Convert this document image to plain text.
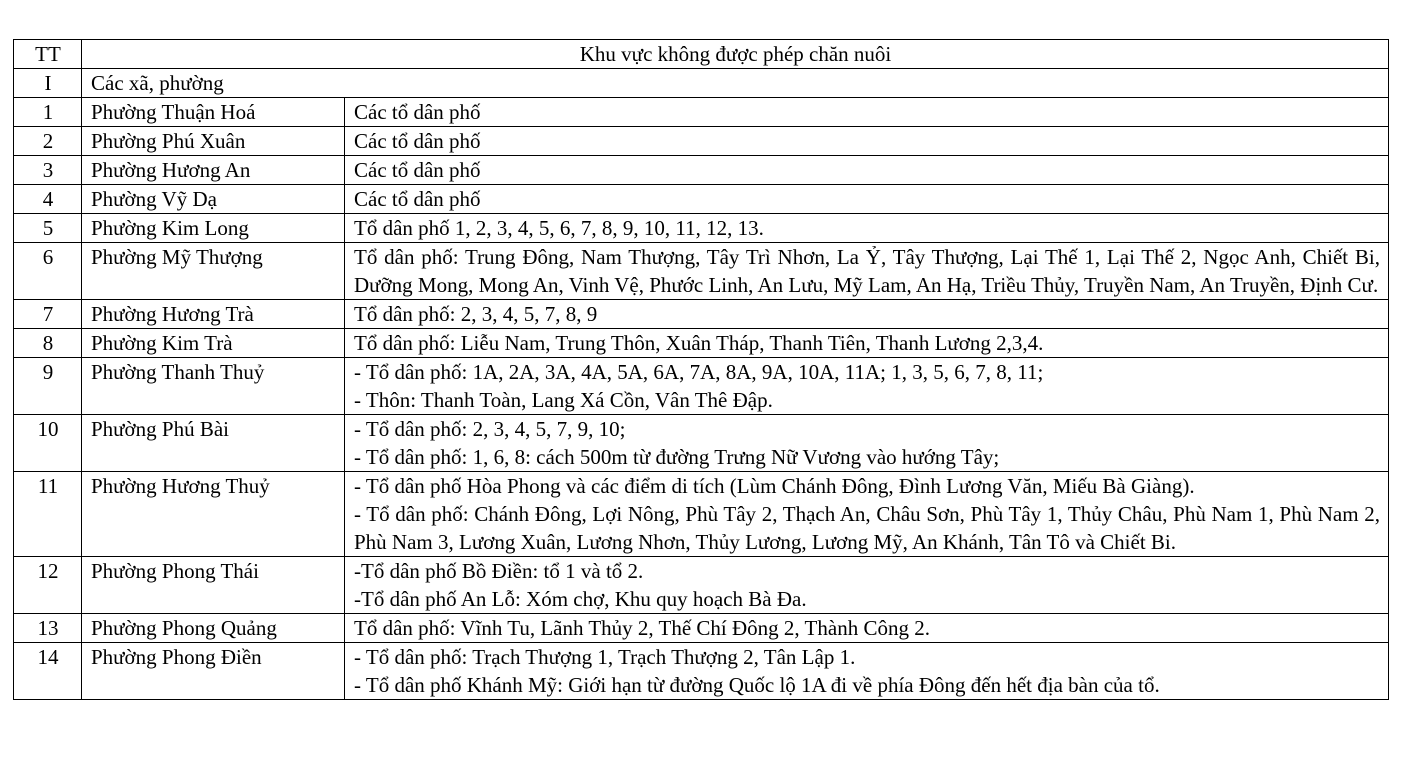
TT	Khu vực không được phép chăn nuôi	
I	Các xã, phường	
1	Phường Thuận Hoá	Các tổ dân phố

2	Phường Phú Xuân	Các tổ dân phố

3	Phường Hương An	Các tổ dân phố

4	Phường Vỹ Dạ	Các tổ dân phố

5	Phường Kim Long	Tổ dân phố 1, 2, 3, 4, 5, 6, 7, 8, 9, 10, 11, 12, 13.

6	Phường Mỹ Thượng	Tổ dân phố: Trung Đông, Nam Thượng, Tây Trì Nhơn, La Ỷ, Tây Thượng, Lại Thế 1, Lại Thế 2, Ngọc Anh, Chiết Bi, Dưỡng Mong, Mong An, Vinh Vệ, Phước Linh, An Lưu, Mỹ Lam, An Hạ, Triều Thủy, Truyền Nam, An Truyền, Định Cư.

7	Phường Hương Trà	Tổ dân phố: 2, 3, 4, 5, 7, 8, 9

8	Phường Kim Trà	Tổ dân phố: Liễu Nam, Trung Thôn, Xuân Tháp, Thanh Tiên, Thanh Lương 2,3,4.

9	Phường Thanh Thuỷ	- Tổ dân phố: 1A, 2A, 3A, 4A, 5A, 6A, 7A, 8A, 9A, 10A, 11A; 1, 3, 5, 6, 7, 8, 11;
- Thôn: Thanh Toàn, Lang Xá Cồn, Vân Thê Đập.

10	Phường Phú Bài	- Tổ dân phố: 2, 3, 4, 5, 7, 9, 10;
- Tổ dân phố: 1, 6, 8: cách 500m từ đường Trưng Nữ Vương vào hướng Tây;

11	Phường Hương Thuỷ	- Tổ dân phố Hòa Phong và các điểm di tích (Lùm Chánh Đông, Đình Lương Văn, Miếu Bà Giàng).
- Tổ dân phố: Chánh Đông, Lợi Nông, Phù Tây 2, Thạch An, Châu Sơn, Phù Tây 1, Thủy Châu, Phù Nam 1, Phù Nam 2, Phù Nam 3, Lương Xuân, Lương Nhơn, Thủy Lương, Lương Mỹ, An Khánh, Tân Tô và Chiết Bi.

12	Phường Phong Thái	-Tổ dân phố Bồ Điền: tổ 1 và tổ 2.
-Tổ dân phố An Lỗ: Xóm chợ, Khu quy hoạch Bà Đa.

13	Phường Phong Quảng	Tổ dân phố: Vĩnh Tu, Lãnh Thủy 2, Thế Chí Đông 2, Thành Công 2.

14	Phường Phong Điền	- Tổ dân phố: Trạch Thượng 1, Trạch Thượng 2, Tân Lập 1.
- Tổ dân phố Khánh Mỹ: Giới hạn từ đường Quốc lộ 1A đi về phía Đông đến hết địa bàn của tổ.
